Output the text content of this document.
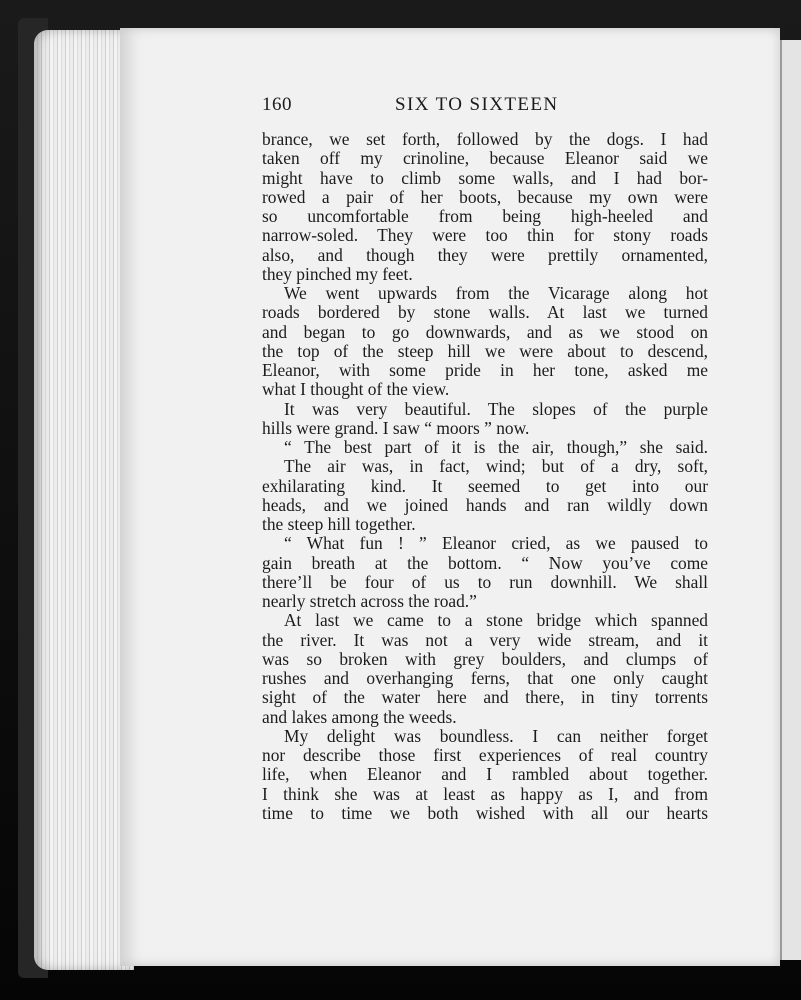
160	SIX TO SIXTEEN
brance, we set forth, followed by the dogs. I had
taken off my crinoline, because Eleanor said we
might have to climb some walls, and I had bor-
rowed a pair of her boots, because my own were
so uncomfortable from being high-heeled and
narrow-soled. They were too thin for stony roads
also, and though they were prettily ornamented,
they pinched my feet.
We went upwards from the Vicarage along hot
roads bordered by stone walls. At last we turned
and began to go downwards, and as we stood on
the top of the steep hill we were about to descend,
Eleanor, with some pride in her tone, asked me
what I thought of the view.
It was very beautiful. The slopes of the purple
hills were grand. I saw “ moors ” now.
“ The best part of it is the air, though,” she said.
The air was, in fact, wind; but of a dry, soft,
exhilarating kind. It seemed to get into our
heads, and we joined hands and ran wildly down
the steep hill together.
“ What fun ! ” Eleanor cried, as we paused to
gain breath at the bottom. “ Now you’ve come
there’ll be four of us to run downhill. We shall
nearly stretch across the road.”
At last we came to a stone bridge which spanned
the river. It was not a very wide stream, and it
was so broken with grey boulders, and clumps of
rushes and overhanging ferns, that one only caught
sight of the water here and there, in tiny torrents
and lakes among the weeds.
My delight was boundless. I can neither forget
nor describe those first experiences of real country
life, when Eleanor and I rambled about together.
I think she was at least as happy as I, and from
time to time we both wished with all our hearts
